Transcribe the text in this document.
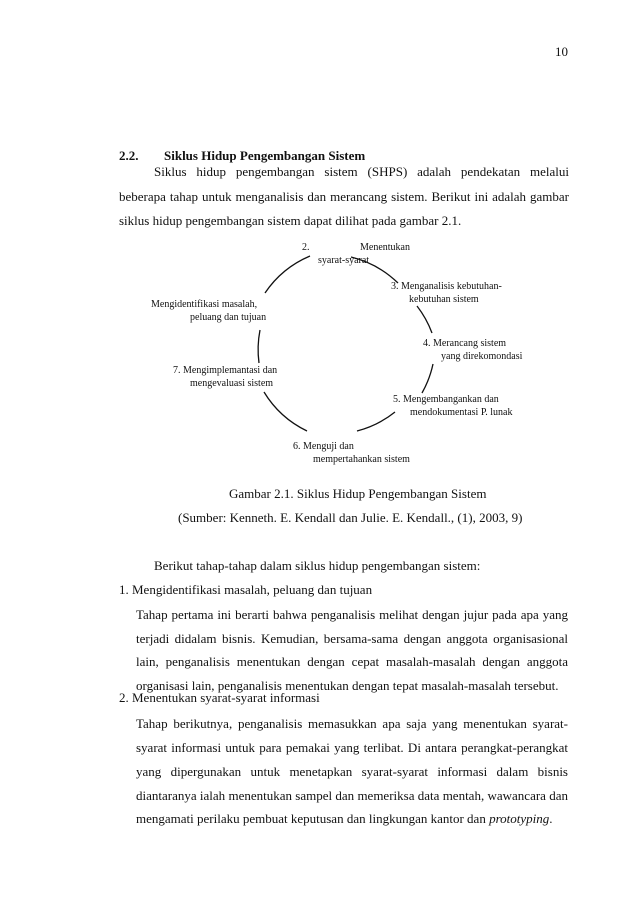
10
2.2. Siklus Hidup Pengembangan Sistem
Siklus hidup pengembangan sistem (SHPS) adalah pendekatan melalui
beberapa tahap untuk menganalisis dan merancang sistem. Berikut ini adalah gambar
siklus hidup pengembangan sistem dapat dilihat pada gambar 2.1.
2.	Menentukan
syarat-syarat
3. Menganalisis kebutuhan-
kebutuhan sistem
Mengidentifikasi masalah,
peluang dan tujuan
4. Merancang sistem
yang direkomondasi
7. Mengimplemantasi dan
mengevaluasi sistem
5. Mengembangankan dan
mendokumentasi P. lunak
6. Menguji dan
mempertahankan sistem
Gambar 2.1. Siklus Hidup Pengembangan Sistem
(Sumber: Kenneth. E. Kendall dan Julie. E. Kendall., (1), 2003, 9)
Berikut tahap-tahap dalam siklus hidup pengembangan sistem:
1. Mengidentifikasi masalah, peluang dan tujuan

Tahap pertama ini berarti bahwa penganalisis melihat dengan jujur pada apa yang

terjadi didalam bisnis. Kemudian, bersama-sama dengan anggota organisasional

lain, penganalisis menentukan dengan cepat masalah-masalah dengan anggota

organisasi lain, penganalisis menentukan dengan tepat masalah-masalah tersebut.

2. Menentukan syarat-syarat informasi

Tahap berikutnya, penganalisis memasukkan apa saja yang menentukan syarat-

syarat informasi untuk para pemakai yang terlibat. Di antara perangkat-perangkat

yang dipergunakan untuk menetapkan syarat-syarat informasi dalam bisnis

diantaranya ialah menentukan sampel dan memeriksa data mentah, wawancara dan

mengamati perilaku pembuat keputusan dan lingkungan kantor dan prototyping.
